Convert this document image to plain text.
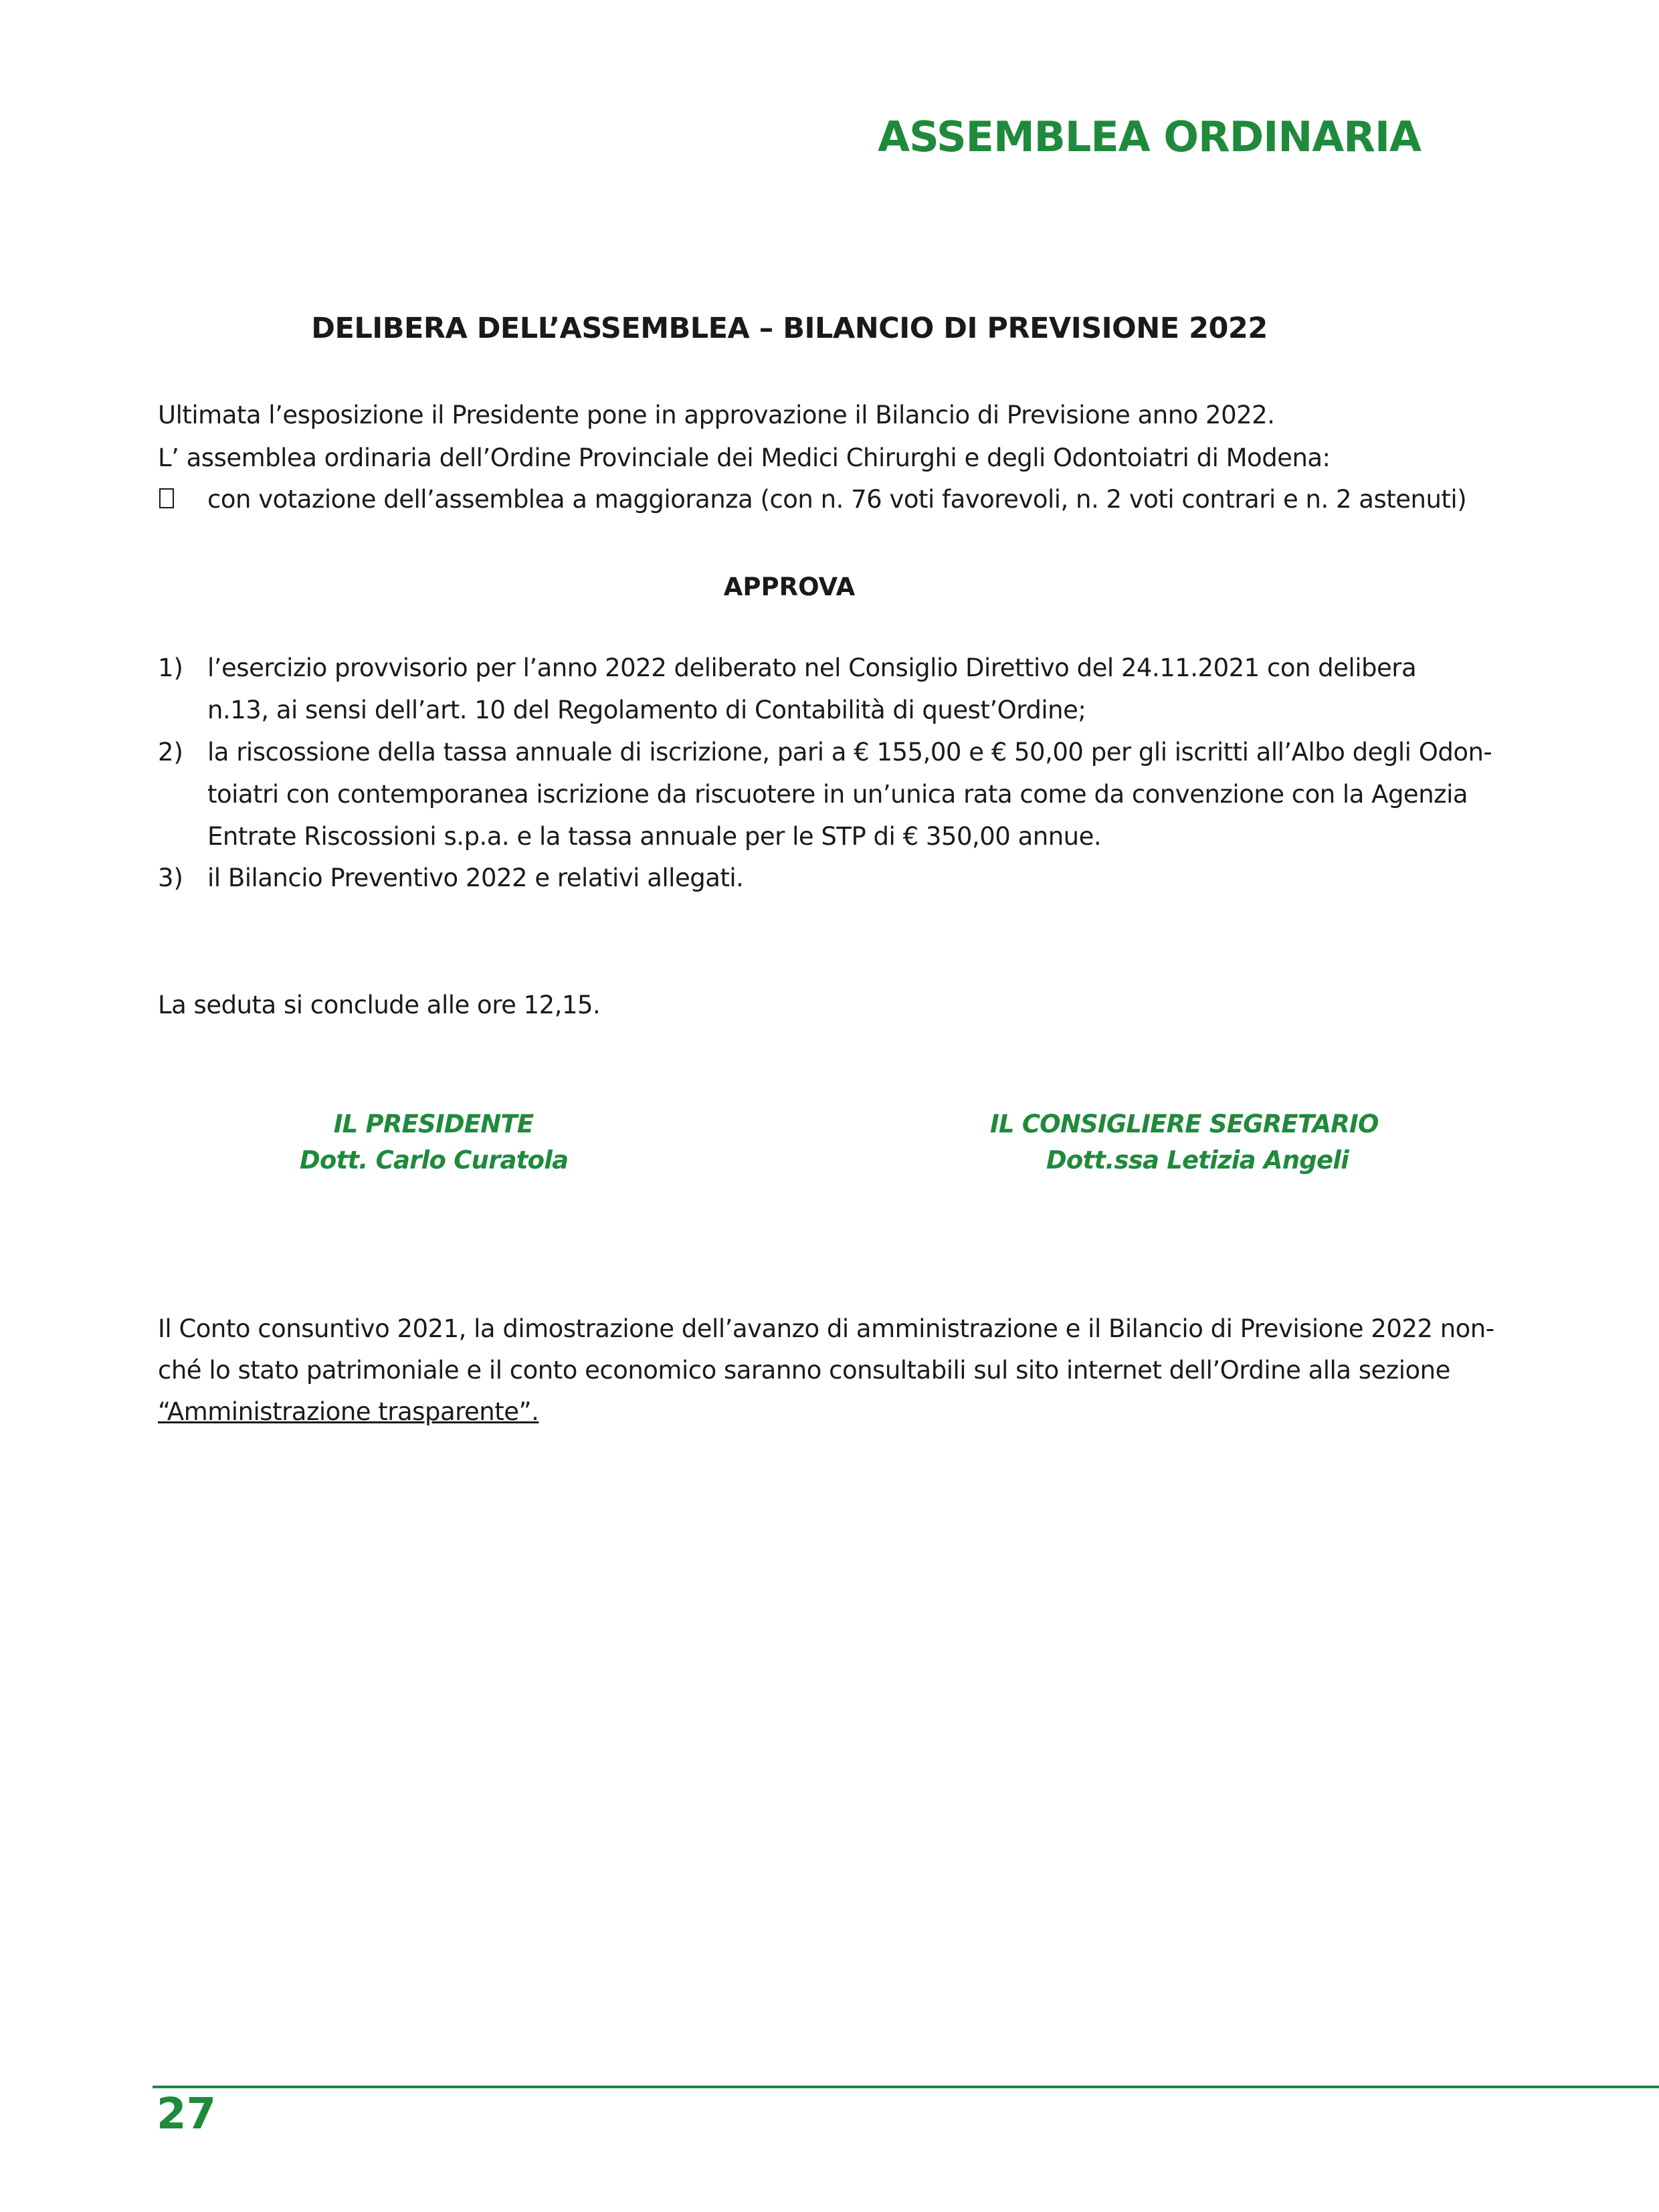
ASSEMBLEA ORDINARIA
DELIBERA DELL’ASSEMBLEA – BILANCIO DI PREVISIONE 2022
Ultimata l’esposizione il Presidente pone in approvazione il Bilancio di Previsione anno 2022.
L’ assemblea ordinaria dell’Ordine Provinciale dei Medici Chirurghi e degli Odontoiatri di Modena:
con votazione dell’assemblea a maggioranza (con n. 76 voti favorevoli, n. 2 voti contrari e n. 2 astenuti)
APPROVA
1) l’esercizio provvisorio per l’anno 2022 deliberato nel Consiglio Direttivo del 24.11.2021 con delibera
n.13, ai sensi dell’art. 10 del Regolamento di Contabilità di quest’Ordine;
2) la riscossione della tassa annuale di iscrizione, pari a € 155,00 e € 50,00 per gli iscritti all’Albo degli Odon-
toiatri con contemporanea iscrizione da riscuotere in un’unica rata come da convenzione con la Agenzia
Entrate Riscossioni s.p.a. e la tassa annuale per le STP di € 350,00 annue.
3) il Bilancio Preventivo 2022 e relativi allegati.
La seduta si conclude alle ore 12,15.
IL PRESIDENTE
Dott. Carlo Curatola
IL CONSIGLIERE SEGRETARIO
Dott.ssa Letizia Angeli
Il Conto consuntivo 2021, la dimostrazione dell’avanzo di amministrazione e il Bilancio di Previsione 2022 non-
ché lo stato patrimoniale e il conto economico saranno consultabili sul sito internet dell’Ordine alla sezione
“Amministrazione trasparente”.
27
